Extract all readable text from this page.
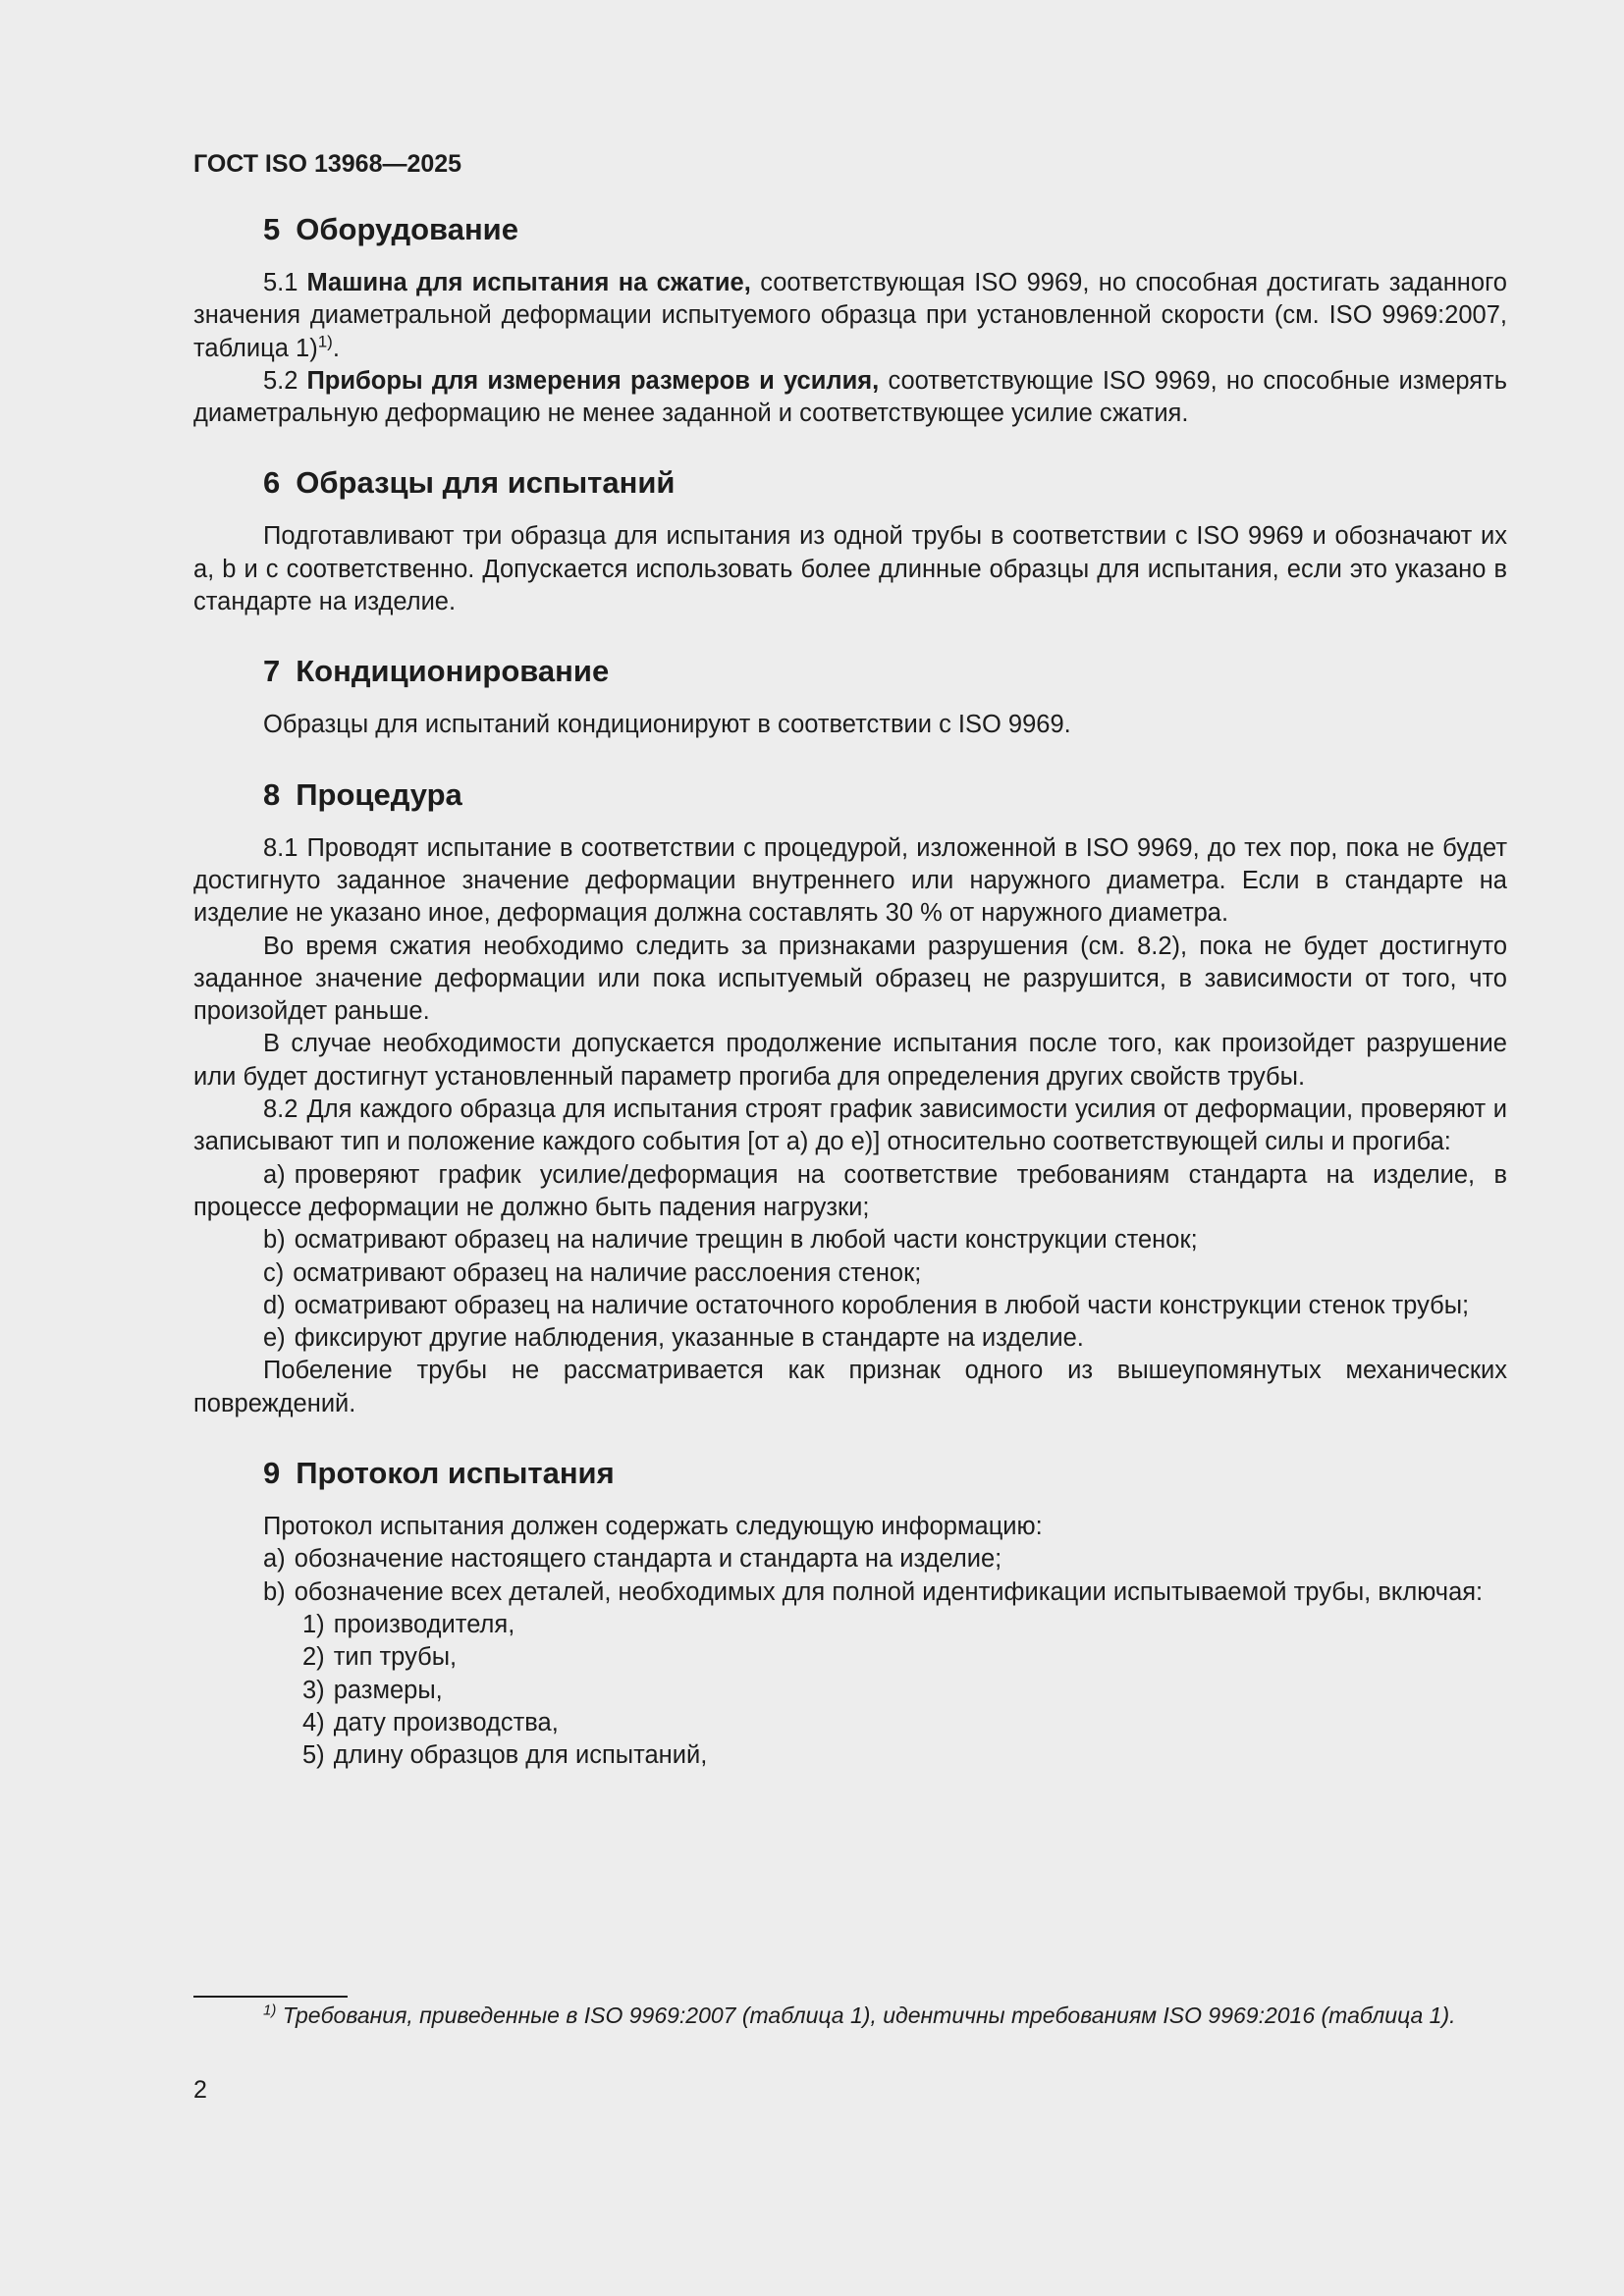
ГОСТ ISO 13968—2025
5 Оборудование

5.1 Машина для испытания на сжатие, соответствующая ISO 9969, но способная достигать заданного значения диаметральной деформации испытуемого образца при установленной скорости (см. ISO 9969:2007, таблица 1)$^{1)}$.

5.2 Приборы для измерения размеров и усилия, соответствующие ISO 9969, но способные измерять диаметральную деформацию не менее заданной и соответствующее усилие сжатия.

6 Образцы для испытаний

Подготавливают три образца для испытания из одной трубы в соответствии с ISO 9969 и обозначают их a, b и c соответственно. Допускается использовать более длинные образцы для испытания, если это указано в стандарте на изделие.

7 Кондиционирование

Образцы для испытаний кондиционируют в соответствии с ISO 9969.

8 Процедура

8.1 Проводят испытание в соответствии с процедурой, изложенной в ISO 9969, до тех пор, пока не будет достигнуто заданное значение деформации внутреннего или наружного диаметра. Если в стандарте на изделие не указано иное, деформация должна составлять 30 % от наружного диаметра.

Во время сжатия необходимо следить за признаками разрушения (см. 8.2), пока не будет достигнуто заданное значение деформации или пока испытуемый образец не разрушится, в зависимости от того, что произойдет раньше.

В случае необходимости допускается продолжение испытания после того, как произойдет разрушение или будет достигнут установленный параметр прогиба для определения других свойств трубы.

8.2 Для каждого образца для испытания строят график зависимости усилия от деформации, проверяют и записывают тип и положение каждого события [от а) до е)] относительно соответствующей силы и прогиба:

a) проверяют график усилие/деформация на соответствие требованиям стандарта на изделие, в процессе деформации не должно быть падения нагрузки;

b) осматривают образец на наличие трещин в любой части конструкции стенок;

c) осматривают образец на наличие расслоения стенок;

d) осматривают образец на наличие остаточного коробления в любой части конструкции стенок трубы;

e) фиксируют другие наблюдения, указанные в стандарте на изделие.

Побеление трубы не рассматривается как признак одного из вышеупомянутых механических повреждений.

9 Протокол испытания

Протокол испытания должен содержать следующую информацию:

a) обозначение настоящего стандарта и стандарта на изделие;

b) обозначение всех деталей, необходимых для полной идентификации испытываемой трубы, включая:

1) производителя,

2) тип трубы,

3) размеры,

4) дату производства,

5) длину образцов для испытаний,

$^{1)}$ Требования, приведенные в ISO 9969:2007 (таблица 1), идентичны требованиям ISO 9969:2016 (таблица 1).
2
